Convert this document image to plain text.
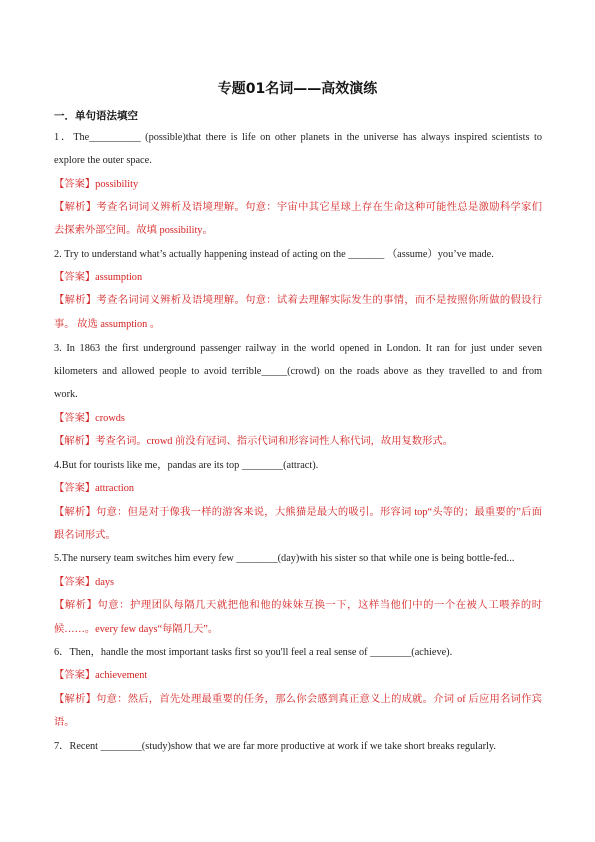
专题01名词——高效演练
一．单句语法填空
1．The__________ (possible)that there is life on other planets in the universe has always inspired scientists to
explore the outer space.
【答案】possibility
【解析】考查名词词义辨析及语境理解。句意：宇宙中其它星球上存在生命这种可能性总是激励科学家们
去探索外部空间。故填 possibility。
2. Try to understand what’s actually happening instead of acting on the _______ （assume）you’ve made.
【答案】assumption
【解析】考查名词词义辨析及语境理解。句意：试着去理解实际发生的事情，而不是按照你所做的假设行
事。 故选 assumption 。
3. In 1863 the first underground passenger railway in the world opened in London. It ran for just under seven
kilometers and allowed people to avoid terrible_____(crowd) on the roads above as they travelled to and from
work.
【答案】crowds
【解析】考查名词。crowd 前没有冠词、指示代词和形容词性人称代词，故用复数形式。
4.But for tourists like me，pandas are its top ________(attract).
【答案】attraction
【解析】句意：但是对于像我一样的游客来说，大熊猫是最大的吸引。形容词 top“头等的；最重要的”后面
跟名词形式。
5.The nursery team switches him every few ________(day)with his sister so that while one is being bottle-fed...
【答案】days
【解析】句意：护理团队每隔几天就把他和他的妹妹互换一下，这样当他们中的一个在被人工喂养的时
候……。every few days“每隔几天”。
6．Then，handle the most important tasks first so you'll feel a real sense of ________(achieve).
【答案】achievement
【解析】句意：然后，首先处理最重要的任务，那么你会感到真正意义上的成就。介词 of 后应用名词作宾
语。
7．Recent ________(study)show that we are far more productive at work if we take short breaks regularly.
